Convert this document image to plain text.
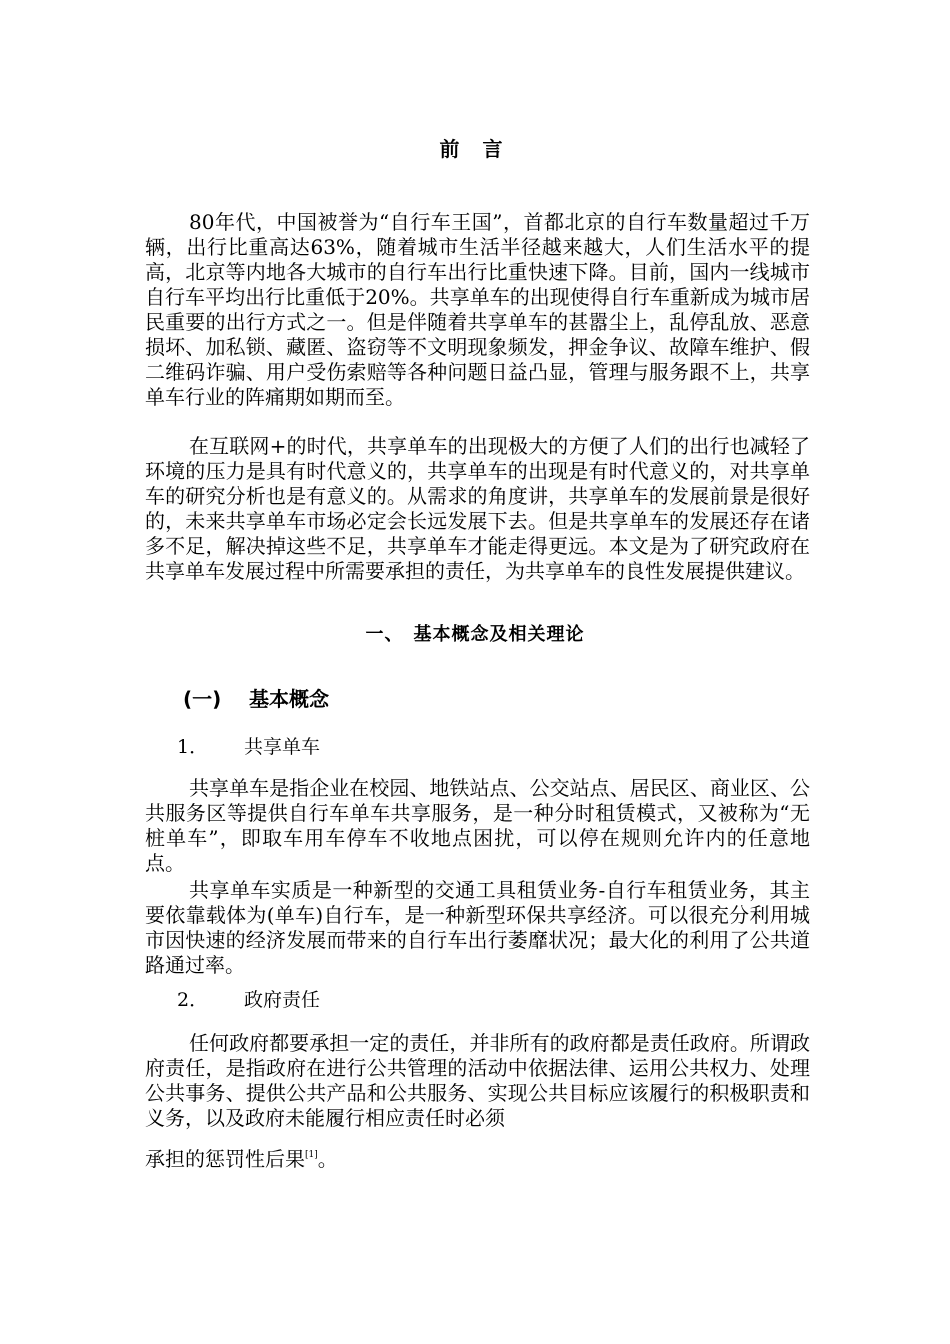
前 言

80年代，中国被誉为“自行车王国”，首都北京的自行车数量超过千万辆，出行比重高达63%，随着城市生活半径越来越大，人们生活水平的提高，北京等内地各大城市的自行车出行比重快速下降。目前，国内一线城市自行车平均出行比重低于20%。共享单车的出现使得自行车重新成为城市居民重要的出行方式之一。但是伴随着共享单车的甚嚣尘上，乱停乱放、恶意损坏、加私锁、藏匿、盗窃等不文明现象频发，押金争议、故障车维护、假二维码诈骗、用户受伤索赔等各种问题日益凸显，管理与服务跟不上，共享单车行业的阵痛期如期而至。

在互联网+的时代，共享单车的出现极大的方便了人们的出行也减轻了环境的压力是具有时代意义的，共享单车的出现是有时代意义的，对共享单车的研究分析也是有意义的。从需求的角度讲，共享单车的发展前景是很好的，未来共享单车市场必定会长远发展下去。但是共享单车的发展还存在诸多不足，解决掉这些不足，共享单车才能走得更远。本文是为了研究政府在共享单车发展过程中所需要承担的责任，为共享单车的良性发展提供建议。

一、　基本概念及相关理论
(一) 基本概念
1． 共享单车

共享单车是指企业在校园、地铁站点、公交站点、居民区、商业区、公共服务区等提供自行车单车共享服务，是一种分时租赁模式，又被称为“无桩单车”，即取车用车停车不收地点困扰，可以停在规则允许内的任意地点。

共享单车实质是一种新型的交通工具租赁业务-自行车租赁业务，其主要依靠载体为(单车)自行车，是一种新型环保共享经济。可以很充分利用城市因快速的经济发展而带来的自行车出行萎靡状况；最大化的利用了公共道路通过率。

2． 政府责任

任何政府都要承担一定的责任，并非所有的政府都是责任政府。所谓政府责任，是指政府在进行公共管理的活动中依据法律、运用公共权力、处理公共事务、提供公共产品和公共服务、实现公共目标应该履行的积极职责和义务，以及政府未能履行相应责任时必须

承担的惩罚性后果[1]。
